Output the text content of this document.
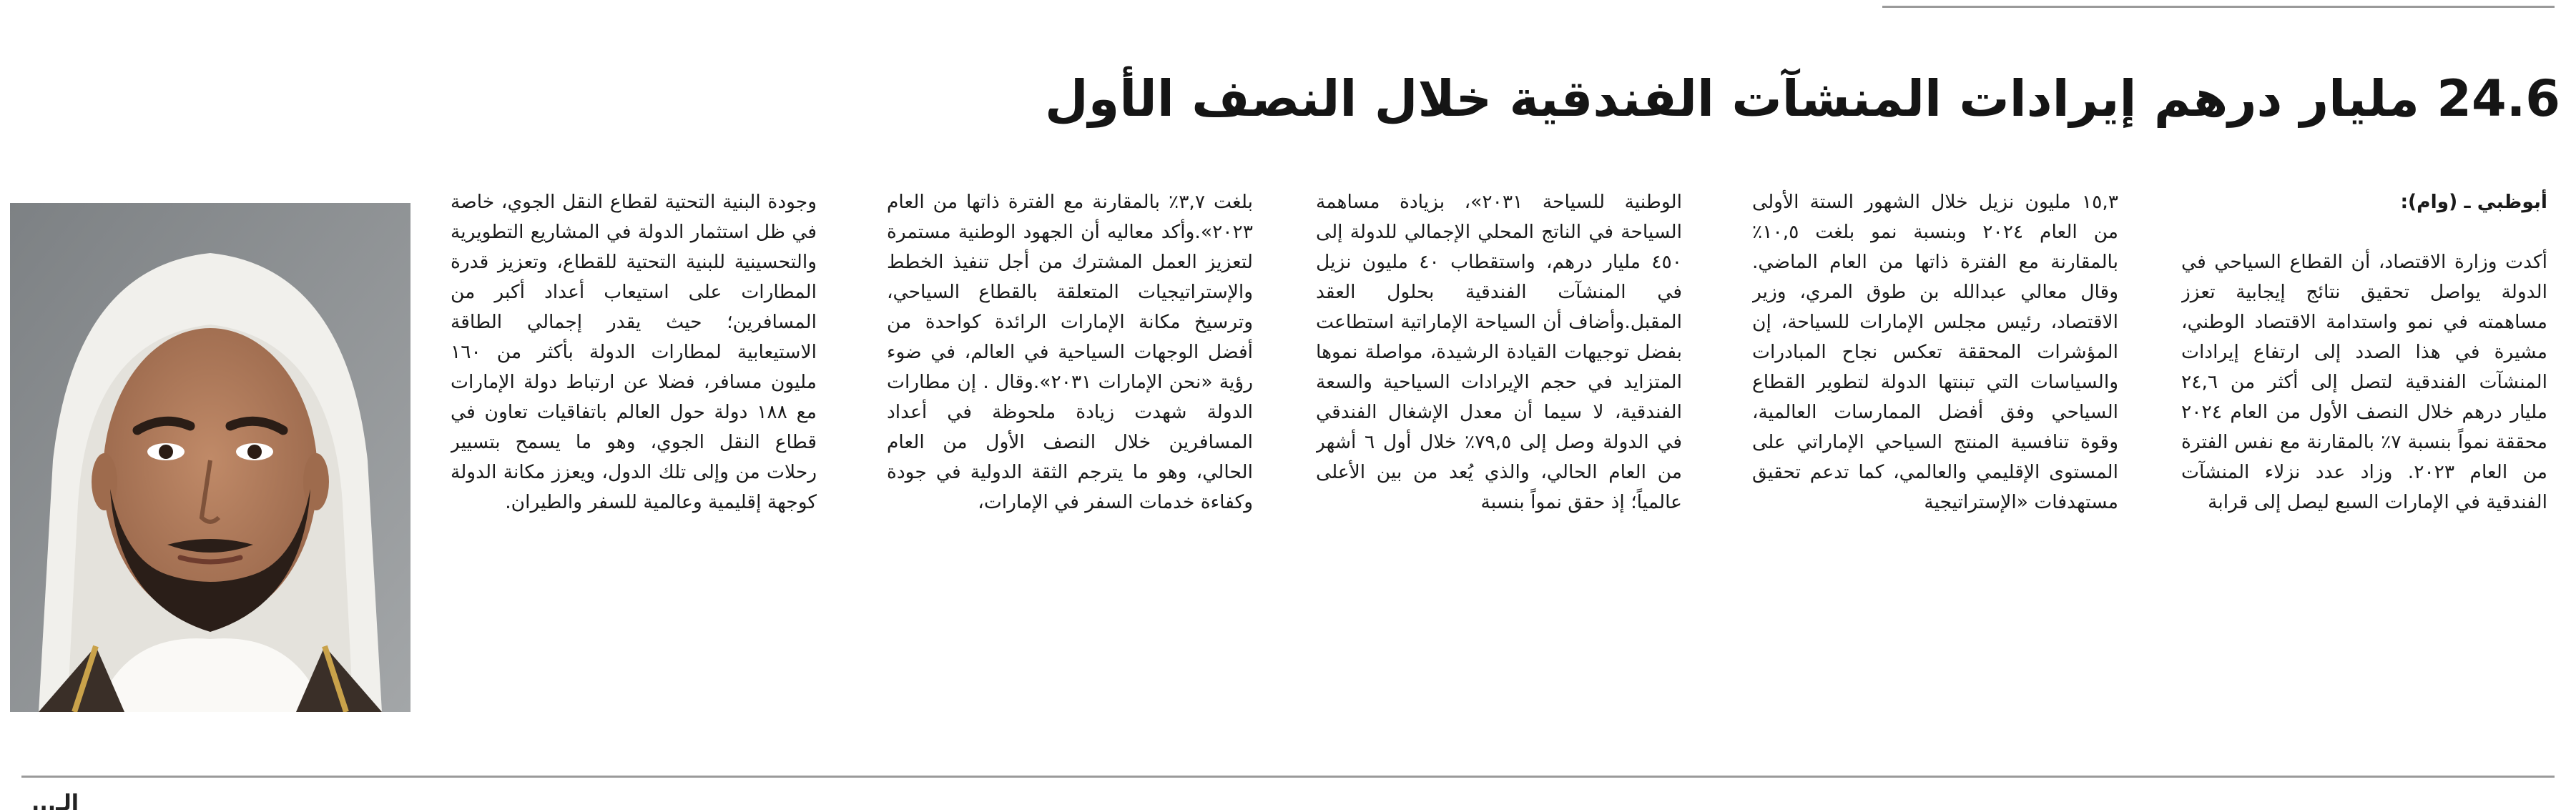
24.6 مليار درهم إيرادات المنشآت الفندقية خلال النصف الأول
أبوظبي ـ (وام):

أكدت وزارة الاقتصاد، أن القطاع السياحي في الدولة يواصل تحقيق نتائج إيجابية تعزز مساهمته في نمو واستدامة الاقتصاد الوطني، مشيرة في هذا الصدد إلى ارتفاع إيرادات المنشآت الفندقية لتصل إلى أكثر من ٢٤,٦ مليار درهم خلال النصف الأول من العام ٢٠٢٤ محققة نمواً بنسبة ٧٪ بالمقارنة مع نفس الفترة من العام ٢٠٢٣. وزاد عدد نزلاء المنشآت الفندقية في الإمارات السبع ليصل إلى قرابة

١٥,٣ مليون نزيل خلال الشهور الستة الأولى من العام ٢٠٢٤ وبنسبة نمو بلغت ١٠,٥٪ بالمقارنة مع الفترة ذاتها من العام الماضي. وقال معالي عبدالله بن طوق المري، وزير الاقتصاد، رئيس مجلس الإمارات للسياحة، إن المؤشرات المحققة تعكس نجاح المبادرات والسياسات التي تبنتها الدولة لتطوير القطاع السياحي وفق أفضل الممارسات العالمية، وقوة تنافسية المنتج السياحي الإماراتي على المستوى الإقليمي والعالمي، كما تدعم تحقيق مستهدفات «الإستراتيجية

الوطنية للسياحة ٢٠٣١»، بزيادة مساهمة السياحة في الناتج المحلي الإجمالي للدولة إلى ٤٥٠ مليار درهم، واستقطاب ٤٠ مليون نزيل في المنشآت الفندقية بحلول العقد المقبل.وأضاف أن السياحة الإماراتية استطاعت بفضل توجيهات القيادة الرشيدة، مواصلة نموها المتزايد في حجم الإيرادات السياحية والسعة الفندقية، لا سيما أن معدل الإشغال الفندقي في الدولة وصل إلى ٧٩,٥٪ خلال أول ٦ أشهر من العام الحالي، والذي يُعد من بين الأعلى عالمياً؛ إذ حقق نمواً بنسبة

بلغت ٣,٧٪ بالمقارنة مع الفترة ذاتها من العام ٢٠٢٣».وأكد معاليه أن الجهود الوطنية مستمرة لتعزيز العمل المشترك من أجل تنفيذ الخطط والإستراتيجيات المتعلقة بالقطاع السياحي، وترسيخ مكانة الإمارات الرائدة كواحدة من أفضل الوجهات السياحية في العالم، في ضوء رؤية «نحن الإمارات ٢٠٣١».وقال . إن مطارات الدولة شهدت زيادة ملحوظة في أعداد المسافرين خلال النصف الأول من العام الحالي، وهو ما يترجم الثقة الدولية في جودة وكفاءة خدمات السفر في الإمارات،

وجودة البنية التحتية لقطاع النقل الجوي، خاصة في ظل استثمار الدولة في المشاريع التطويرية والتحسينية للبنية التحتية للقطاع، وتعزيز قدرة المطارات على استيعاب أعداد أكبر من المسافرين؛ حيث يقدر إجمالي الطاقة الاستيعابية لمطارات الدولة بأكثر من ١٦٠ مليون مسافر، فضلا عن ارتباط دولة الإمارات مع ١٨٨ دولة حول العالم باتفاقيات تعاون في قطاع النقل الجوي، وهو ما يسمح بتسيير رحلات من وإلى تلك الدول، ويعزز مكانة الدولة كوجهة إقليمية وعالمية للسفر والطيران.

الـ...
